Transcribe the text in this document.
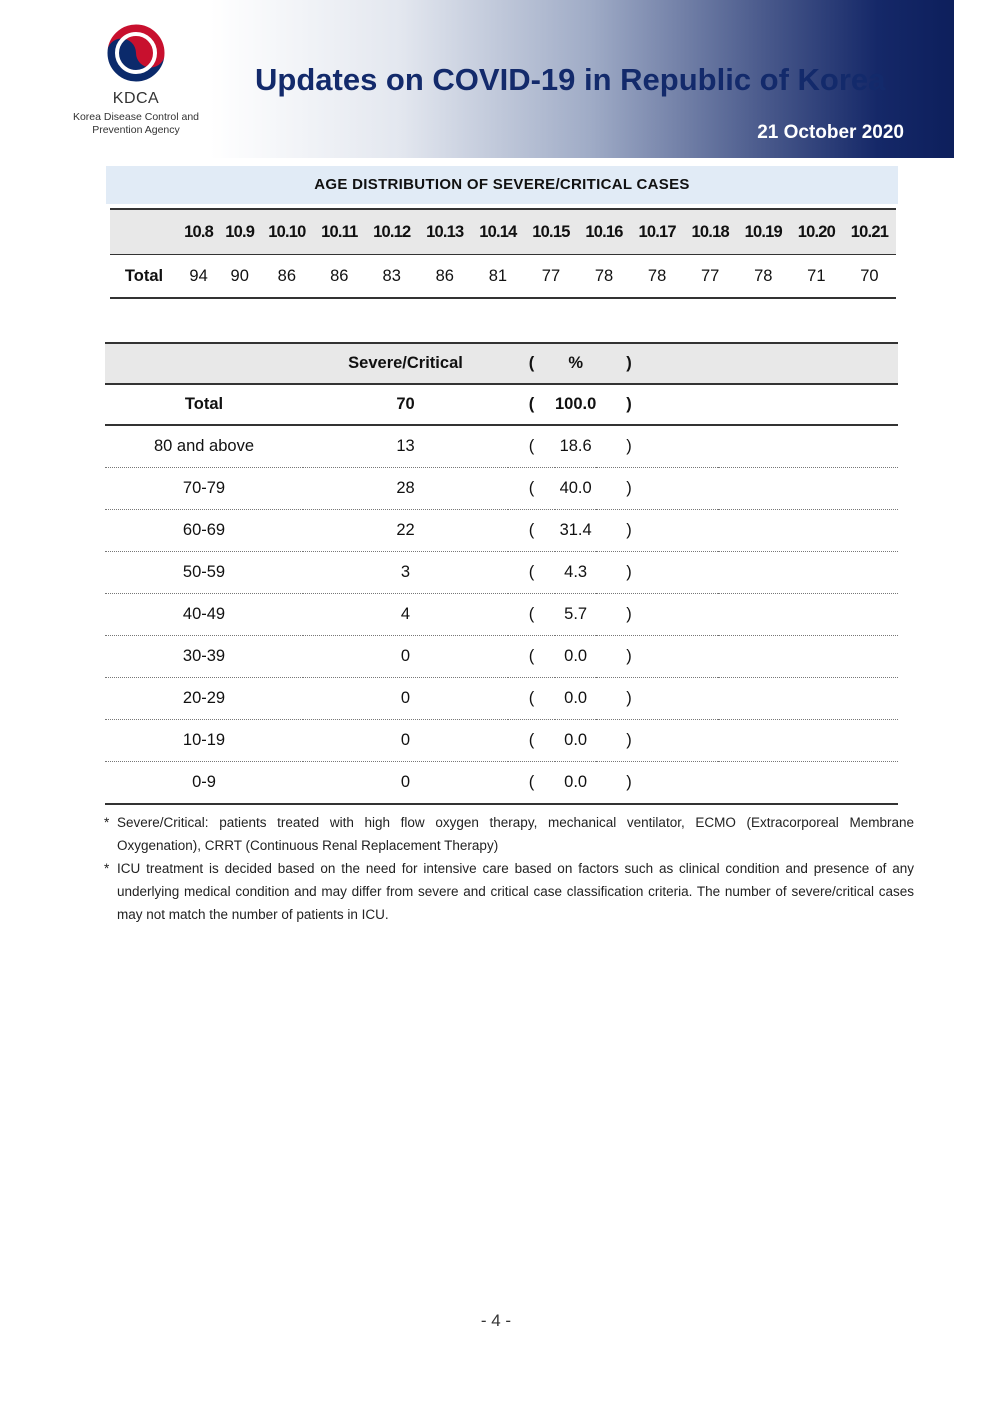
KDCA
Korea Disease Control and
Prevention Agency
Updates on COVID-19 in Republic of Korea
21 October 2020
AGE DISTRIBUTION OF SEVERE/CRITICAL CASES
	10.8	10.9	10.10	10.11	10.12	10.13	10.14	10.15	10.16	10.17	10.18	10.19	10.20	10.21
Total	94	90	86	86	83	86	81	77	78	78	77	78	71	70
	Severe/Critical	(	%	)	
Total	70	(	100.0	)	
80 and above	13	(	18.6	)	
70-79	28	(	40.0	)	
60-69	22	(	31.4	)	
50-59	3	(	4.3	)	
40-49	4	(	5.7	)	
30-39	0	(	0.0	)	
20-29	0	(	0.0	)	
10-19	0	(	0.0	)	
0-9	0	(	0.0	)	
* Severe/Critical: patients treated with high flow oxygen therapy, mechanical ventilator, ECMO (Extracorporeal Membrane Oxygenation), CRRT (Continuous Renal Replacement Therapy)
* ICU treatment is decided based on the need for intensive care based on factors such as clinical condition and presence of any underlying medical condition and may differ from severe and critical case classification criteria. The number of severe/critical cases may not match the number of patients in ICU.
- 4 -
